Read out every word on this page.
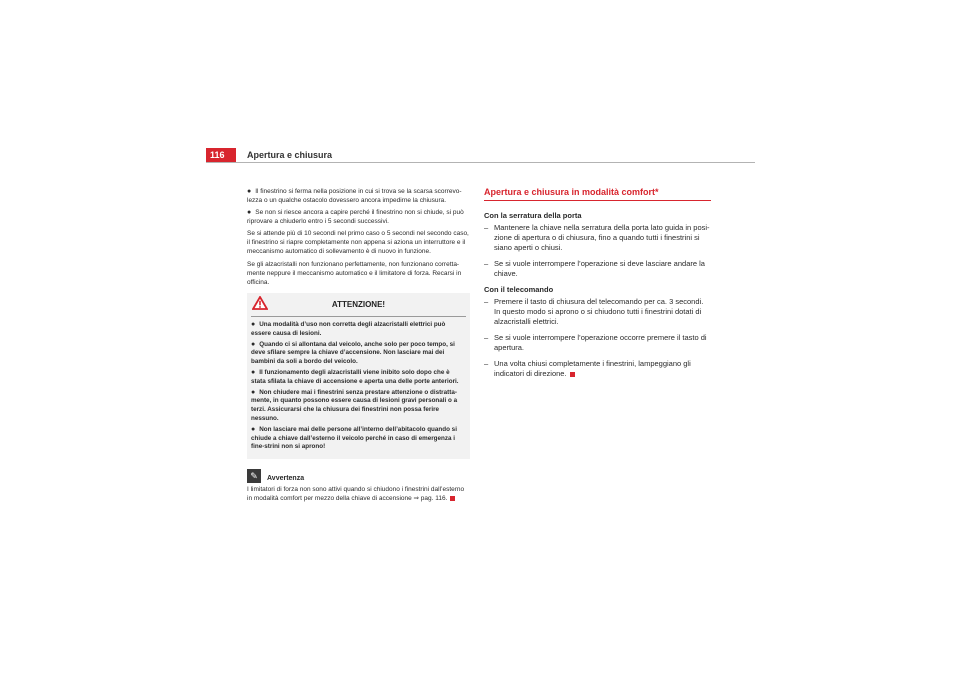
116	Apertura e chiusura

● Il finestrino si ferma nella posizione in cui si trova se la scarsa scorrevo-lezza o un qualche ostacolo dovessero ancora impedirne la chiusura.

● Se non si riesce ancora a capire perché il finestrino non si chiude, si può riprovare a chiuderlo entro i 5 secondi successivi.

Se si attende più di 10 secondi nel primo caso o 5 secondi nel secondo caso, il finestrino si riapre completamente non appena si aziona un interruttore e il meccanismo automatico di sollevamento è di nuovo in funzione.

Se gli alzacristalli non funzionano perfettamente, non funzionano corretta-mente neppure il meccanismo automatico e il limitatore di forza. Recarsi in officina.

ATTENZIONE!

● Una modalità d’uso non corretta degli alzacristalli elettrici può essere causa di lesioni.

● Quando ci si allontana dal veicolo, anche solo per poco tempo, si deve sfilare sempre la chiave d’accensione. Non lasciare mai dei bambini da soli a bordo del veicolo.

● Il funzionamento degli alzacristalli viene inibito solo dopo che è stata sfilata la chiave di accensione e aperta una delle porte anteriori.

● Non chiudere mai i finestrini senza prestare attenzione o distratta-mente, in quanto possono essere causa di lesioni gravi personali o a terzi. Assicurarsi che la chiusura dei finestrini non possa ferire nessuno.

● Non lasciare mai delle persone all’interno dell’abitacolo quando si chiude a chiave dall’esterno il veicolo perché in caso di emergenza i fine-strini non si aprono!

✎	Avvertenza

I limitatori di forza non sono attivi quando si chiudono i finestrini dall’esterno in modalità comfort per mezzo della chiave di accensione ⇒ pag. 116.

Apertura e chiusura in modalità comfort*

Con la serratura della porta

– Mantenere la chiave nella serratura della porta lato guida in posi-zione di apertura o di chiusura, fino a quando tutti i finestrini si siano aperti o chiusi.
– Se si vuole interrompere l’operazione si deve lasciare andare la chiave.

Con il telecomando

– Premere il tasto di chiusura del telecomando per ca. 3 secondi. In questo modo si aprono o si chiudono tutti i finestrini dotati di alzacristalli elettrici.
– Se si vuole interrompere l’operazione occorre premere il tasto di apertura.
– Una volta chiusi completamente i finestrini, lampeggiano gli indicatori di direzione.
